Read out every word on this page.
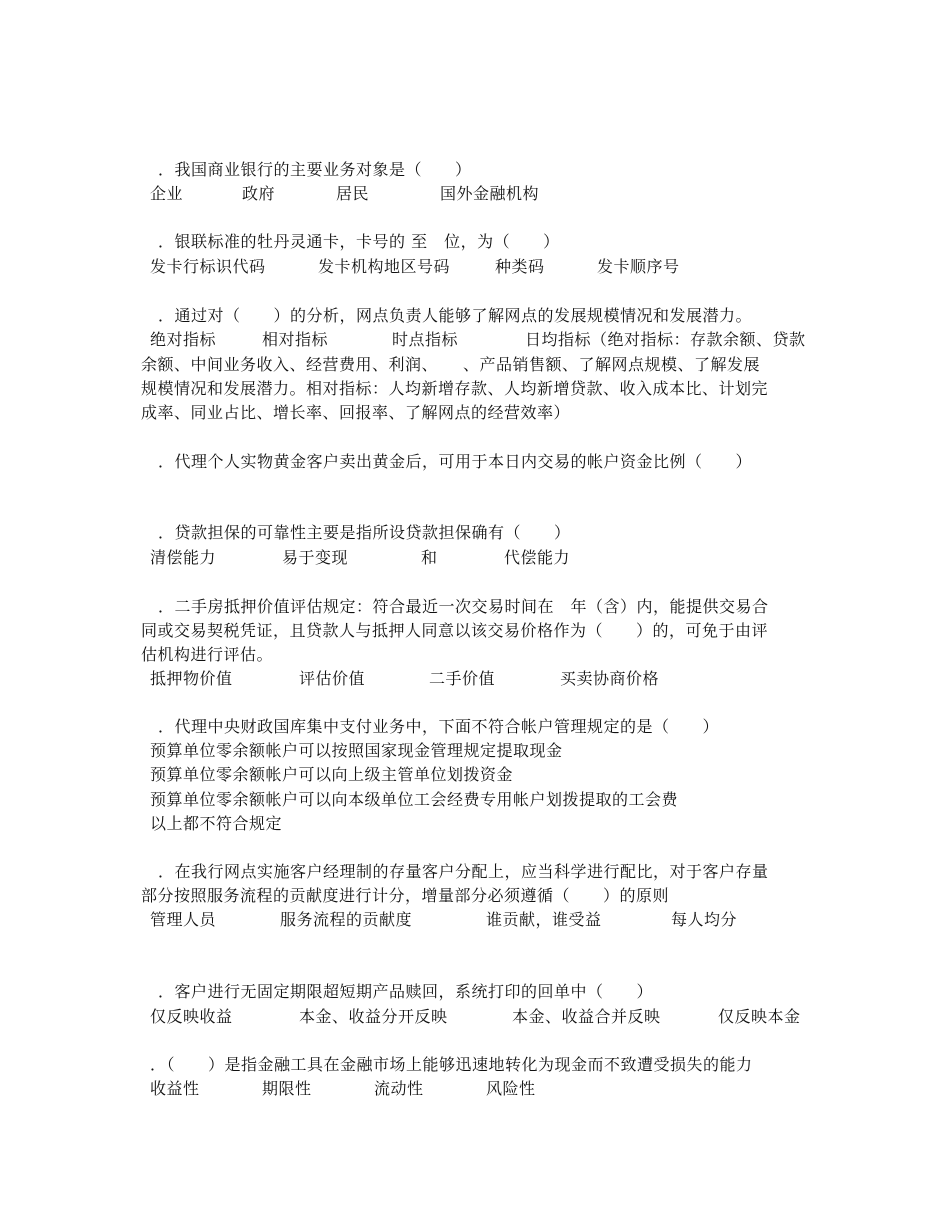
．我国商业银行的主要业务对象是（　　）
企业	政府	居民	国外金融机构
．银联标准的牡丹灵通卡，卡号的 至　位，为（　　）
发卡行标识代码	发卡机构地区号码	种类码	发卡顺序号
．通过对（　　）的分析，网点负责人能够了解网点的发展规模情况和发展潜力。
绝对指标	相对指标	时点指标	日均指标（绝对指标：存款余额、贷款
余额、中间业务收入、经营费用、利润、　　、产品销售额、了解网点规模、了解发展
规模情况和发展潜力。相对指标：人均新增存款、人均新增贷款、收入成本比、计划完
成率、同业占比、增长率、回报率、了解网点的经营效率）
．代理个人实物黄金客户卖出黄金后，可用于本日内交易的帐户资金比例（　　）
．贷款担保的可靠性主要是指所设贷款担保确有（　　）
清偿能力	易于变现	和	代偿能力
．二手房抵押价值评估规定：符合最近一次交易时间在　年（含）内，能提供交易合
同或交易契税凭证，且贷款人与抵押人同意以该交易价格作为（　　）的，可免于由评
估机构进行评估。
抵押物价值	评估价值	二手价值	买卖协商价格
．代理中央财政国库集中支付业务中，下面不符合帐户管理规定的是（　　）
预算单位零余额帐户可以按照国家现金管理规定提取现金
预算单位零余额帐户可以向上级主管单位划拨资金
预算单位零余额帐户可以向本级单位工会经费专用帐户划拨提取的工会费
以上都不符合规定
．在我行网点实施客户经理制的存量客户分配上，应当科学进行配比，对于客户存量
部分按照服务流程的贡献度进行计分，增量部分必须遵循（　　）的原则
管理人员	服务流程的贡献度	谁贡献，谁受益	每人均分
．客户进行无固定期限超短期产品赎回，系统打印的回单中（　　）
仅反映收益	本金、收益分开反映	本金、收益合并反映	仅反映本金
．（　　）是指金融工具在金融市场上能够迅速地转化为现金而不致遭受损失的能力
收益性	期限性	流动性	风险性
